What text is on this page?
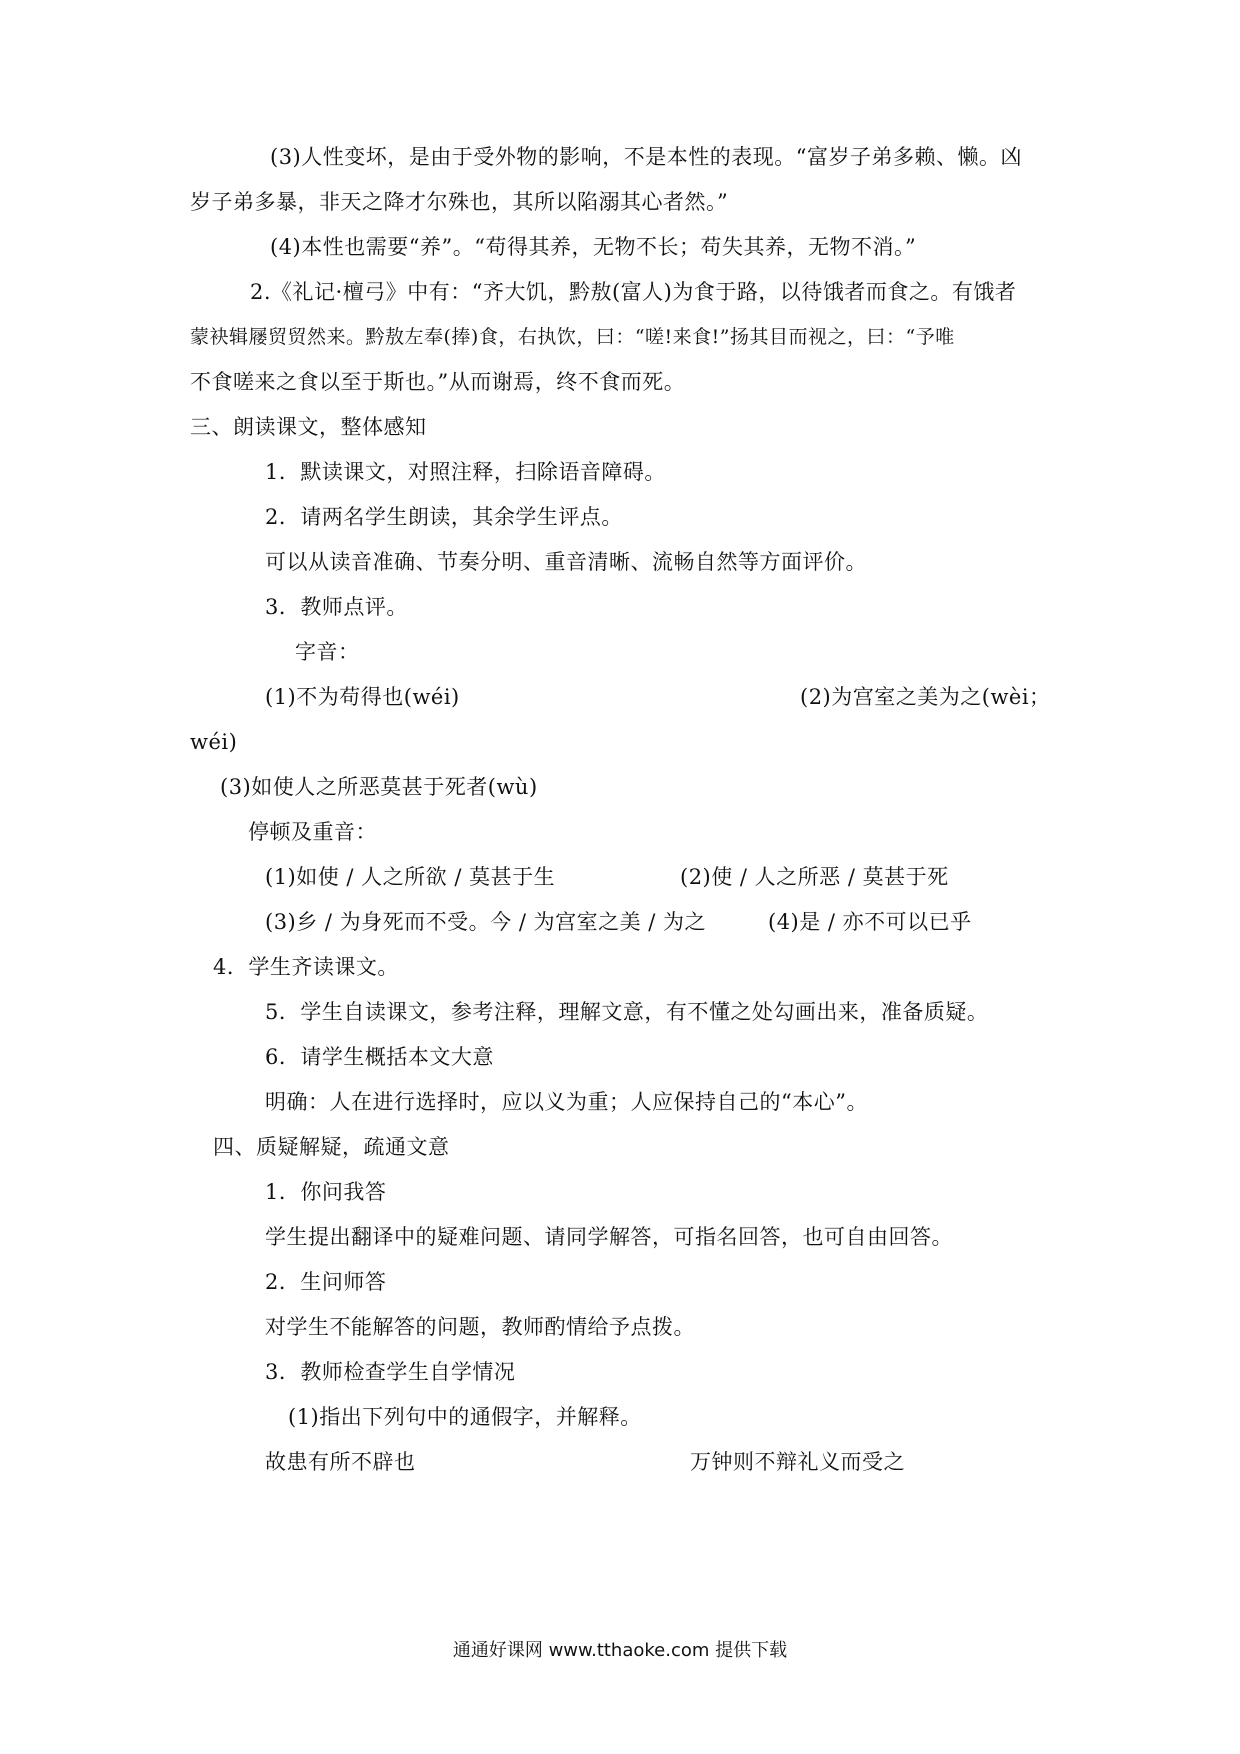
(3)人性变坏，是由于受外物的影响，不是本性的表现。“富岁子弟多赖、懒。凶
岁子弟多暴，非天之降才尔殊也，其所以陷溺其心者然。”
(4)本性也需要“养”。“苟得其养，无物不长；苟失其养，无物不消。”
2.《礼记·檀弓》中有：“齐大饥，黔敖(富人)为食于路，以待饿者而食之。有饿者
蒙袂辑屦贸贸然来。黔敖左奉(捧)食，右执饮，曰：“嗟!来食!”扬其目而视之，曰：“予唯
不食嗟来之食以至于斯也。”从而谢焉，终不食而死。
三、朗读课文，整体感知
1．默读课文，对照注释，扫除语音障碍。
2．请两名学生朗读，其余学生评点。
可以从读音准确、节奏分明、重音清晰、流畅自然等方面评价。
3．教师点评。
字音：
(1)不为苟得也(wéi)	(2)为宫室之美为之(wèi；
wéi)
(3)如使人之所恶莫甚于死者(wù)
停顿及重音：
(1)如使 / 人之所欲 / 莫甚于生	(2)使 / 人之所恶 / 莫甚于死
(3)乡 / 为身死而不受。今 / 为宫室之美 / 为之	(4)是 / 亦不可以已乎
4．学生齐读课文。
5．学生自读课文，参考注释，理解文意，有不懂之处勾画出来，准备质疑。
6．请学生概括本文大意
明确：人在进行选择时，应以义为重；人应保持自己的“本心”。
四、质疑解疑，疏通文意
1．你问我答
学生提出翻译中的疑难问题、请同学解答，可指名回答，也可自由回答。
2．生问师答
对学生不能解答的问题，教师酌情给予点拨。
3．教师检查学生自学情况
(1)指出下列句中的通假字，并解释。
故患有所不辟也	万钟则不辩礼义而受之
通通好课网 www.tthaoke.com 提供下载
